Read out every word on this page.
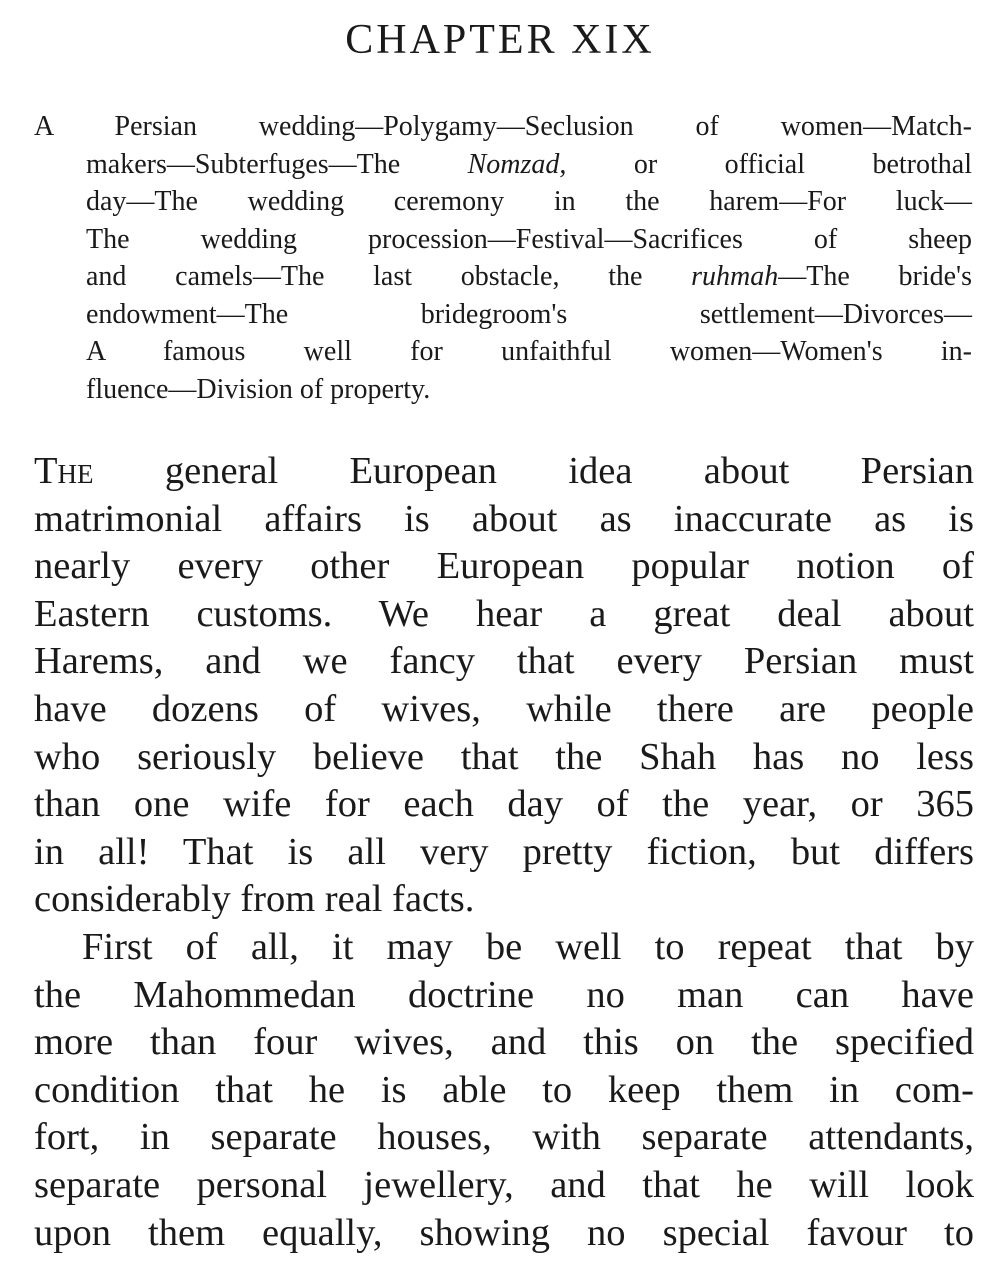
CHAPTER XIX
A Persian wedding—Polygamy—Seclusion of women—Match-
makers—Subterfuges—The Nomzad, or official betrothal
day—The wedding ceremony in the harem—For luck—
The wedding procession—Festival—Sacrifices of sheep
and camels—The last obstacle, the ruhmah—The bride's
endowment—The bridegroom's settlement—Divorces—
A famous well for unfaithful women—Women's in-
fluence—Division of property.
The general European idea about Persian
matrimonial affairs is about as inaccurate as is
nearly every other European popular notion of
Eastern customs. We hear a great deal about
Harems, and we fancy that every Persian must
have dozens of wives, while there are people
who seriously believe that the Shah has no less
than one wife for each day of the year, or 365
in all! That is all very pretty fiction, but differs
considerably from real facts.
First of all, it may be well to repeat that by
the Mahommedan doctrine no man can have
more than four wives, and this on the specified
condition that he is able to keep them in com-
fort, in separate houses, with separate attendants,
separate personal jewellery, and that he will look
upon them equally, showing no special favour to
